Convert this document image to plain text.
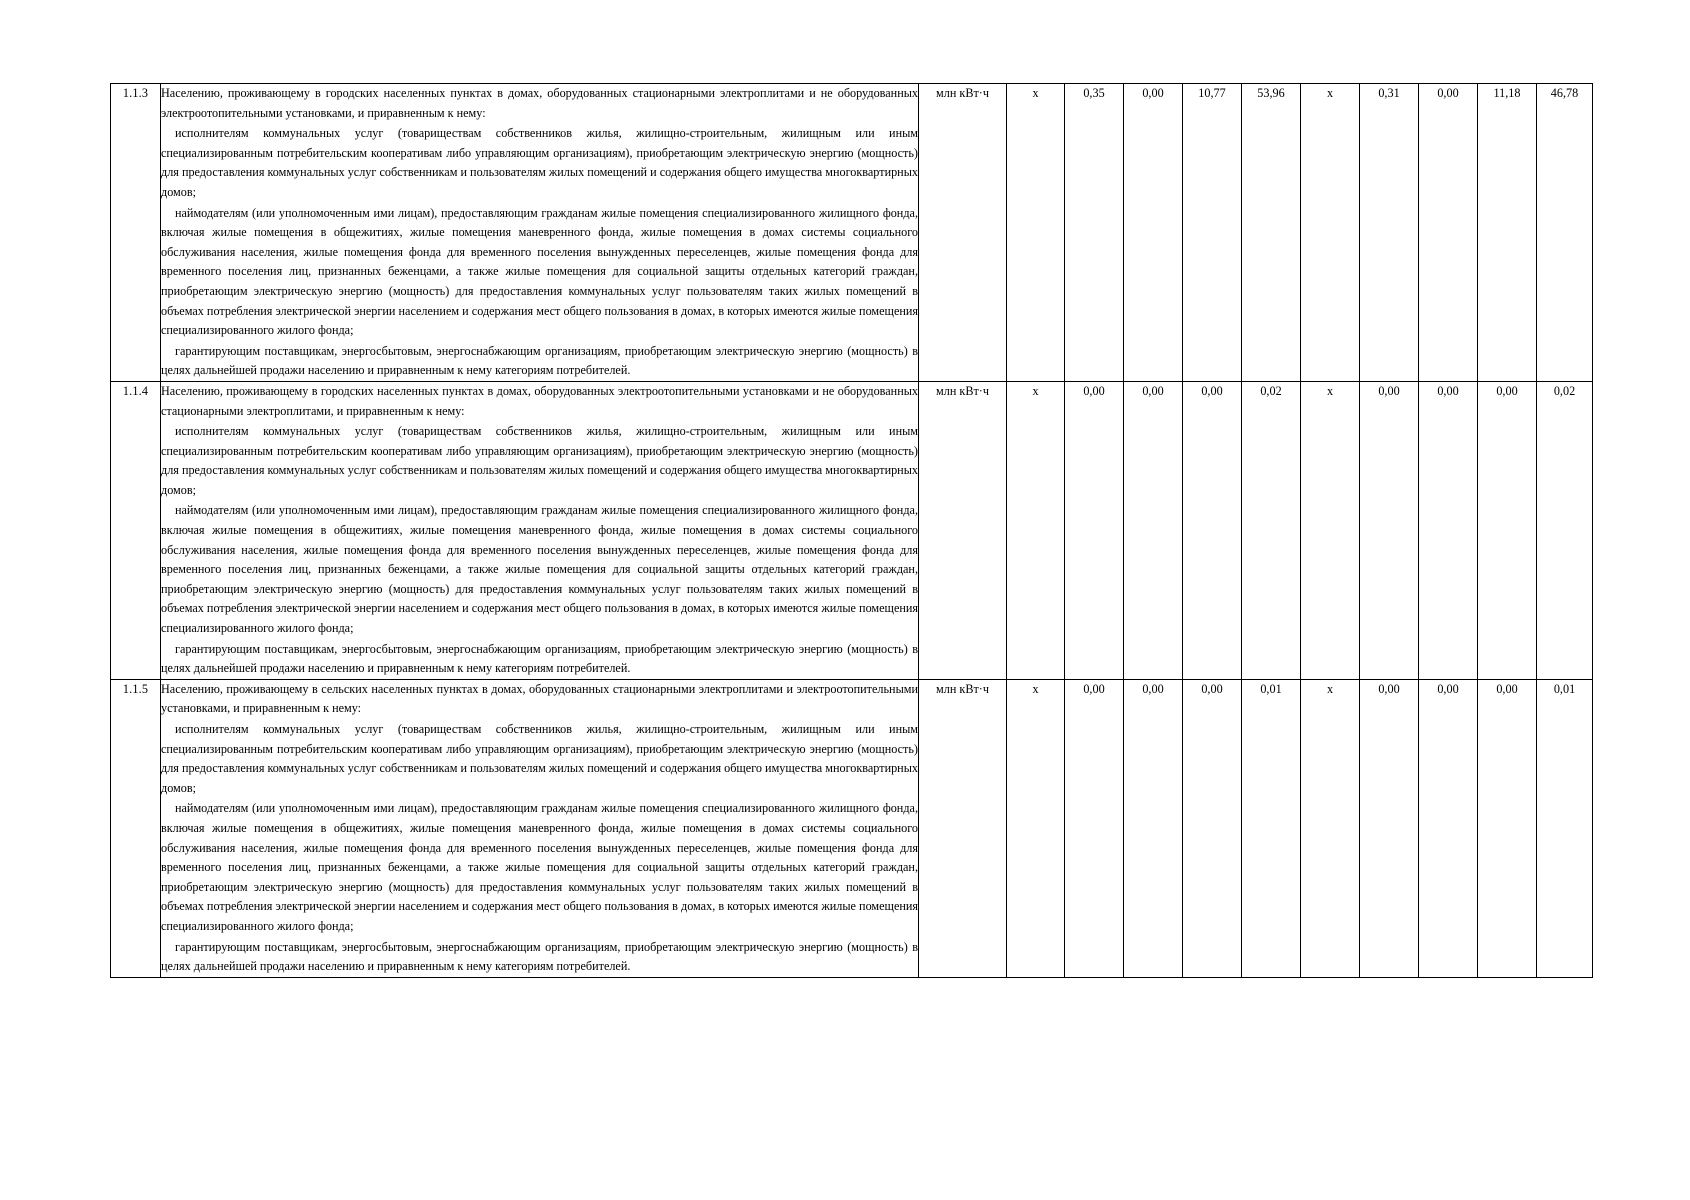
1.1.3	Населению, проживающему в городских населенных пунктах в домах, оборудованных стационарными электроплитами и не оборудованных электроотопительными установками, и приравненным к нему:

исполнителям коммунальных услуг (товариществам собственников жилья, жилищно-строительным, жилищным или иным специализированным потребительским кооперативам либо управляющим организациям), приобретающим электрическую энергию (мощность) для предоставления коммунальных услуг собственникам и пользователям жилых помещений и содержания общего имущества многоквартирных домов;

наймодателям (или уполномоченным ими лицам), предоставляющим гражданам жилые помещения специализированного жилищного фонда, включая жилые помещения в общежитиях, жилые помещения маневренного фонда, жилые помещения в домах системы социального обслуживания населения, жилые помещения фонда для временного поселения вынужденных переселенцев, жилые помещения фонда для временного поселения лиц, признанных беженцами, а также жилые помещения для социальной защиты отдельных категорий граждан, приобретающим электрическую энергию (мощность) для предоставления коммунальных услуг пользователям таких жилых помещений в объемах потребления электрической энергии населением и содержания мест общего пользования в домах, в которых имеются жилые помещения специализированного жилого фонда;

гарантирующим поставщикам, энергосбытовым, энергоснабжающим организациям, приобретающим электрическую энергию (мощность) в целях дальнейшей продажи населению и приравненным к нему категориям потребителей.	млн кВт·ч	x	0,35	0,00	10,77	53,96	x	0,31	0,00	11,18	46,78
1.1.4	Населению, проживающему в городских населенных пунктах в домах, оборудованных электроотопительными установками и не оборудованных стационарными электроплитами, и приравненным к нему:

исполнителям коммунальных услуг (товариществам собственников жилья, жилищно-строительным, жилищным или иным специализированным потребительским кооперативам либо управляющим организациям), приобретающим электрическую энергию (мощность) для предоставления коммунальных услуг собственникам и пользователям жилых помещений и содержания общего имущества многоквартирных домов;

наймодателям (или уполномоченным ими лицам), предоставляющим гражданам жилые помещения специализированного жилищного фонда, включая жилые помещения в общежитиях, жилые помещения маневренного фонда, жилые помещения в домах системы социального обслуживания населения, жилые помещения фонда для временного поселения вынужденных переселенцев, жилые помещения фонда для временного поселения лиц, признанных беженцами, а также жилые помещения для социальной защиты отдельных категорий граждан, приобретающим электрическую энергию (мощность) для предоставления коммунальных услуг пользователям таких жилых помещений в объемах потребления электрической энергии населением и содержания мест общего пользования в домах, в которых имеются жилые помещения специализированного жилого фонда;

гарантирующим поставщикам, энергосбытовым, энергоснабжающим организациям, приобретающим электрическую энергию (мощность) в целях дальнейшей продажи населению и приравненным к нему категориям потребителей.	млн кВт·ч	x	0,00	0,00	0,00	0,02	x	0,00	0,00	0,00	0,02
1.1.5	Населению, проживающему в сельских населенных пунктах в домах, оборудованных стационарными электроплитами и электроотопительными установками, и приравненным к нему:

исполнителям коммунальных услуг (товариществам собственников жилья, жилищно-строительным, жилищным или иным специализированным потребительским кооперативам либо управляющим организациям), приобретающим электрическую энергию (мощность) для предоставления коммунальных услуг собственникам и пользователям жилых помещений и содержания общего имущества многоквартирных домов;

наймодателям (или уполномоченным ими лицам), предоставляющим гражданам жилые помещения специализированного жилищного фонда, включая жилые помещения в общежитиях, жилые помещения маневренного фонда, жилые помещения в домах системы социального обслуживания населения, жилые помещения фонда для временного поселения вынужденных переселенцев, жилые помещения фонда для временного поселения лиц, признанных беженцами, а также жилые помещения для социальной защиты отдельных категорий граждан, приобретающим электрическую энергию (мощность) для предоставления коммунальных услуг пользователям таких жилых помещений в объемах потребления электрической энергии населением и содержания мест общего пользования в домах, в которых имеются жилые помещения специализированного жилого фонда;

гарантирующим поставщикам, энергосбытовым, энергоснабжающим организациям, приобретающим электрическую энергию (мощность) в целях дальнейшей продажи населению и приравненным к нему категориям потребителей.	млн кВт·ч	x	0,00	0,00	0,00	0,01	x	0,00	0,00	0,00	0,01
